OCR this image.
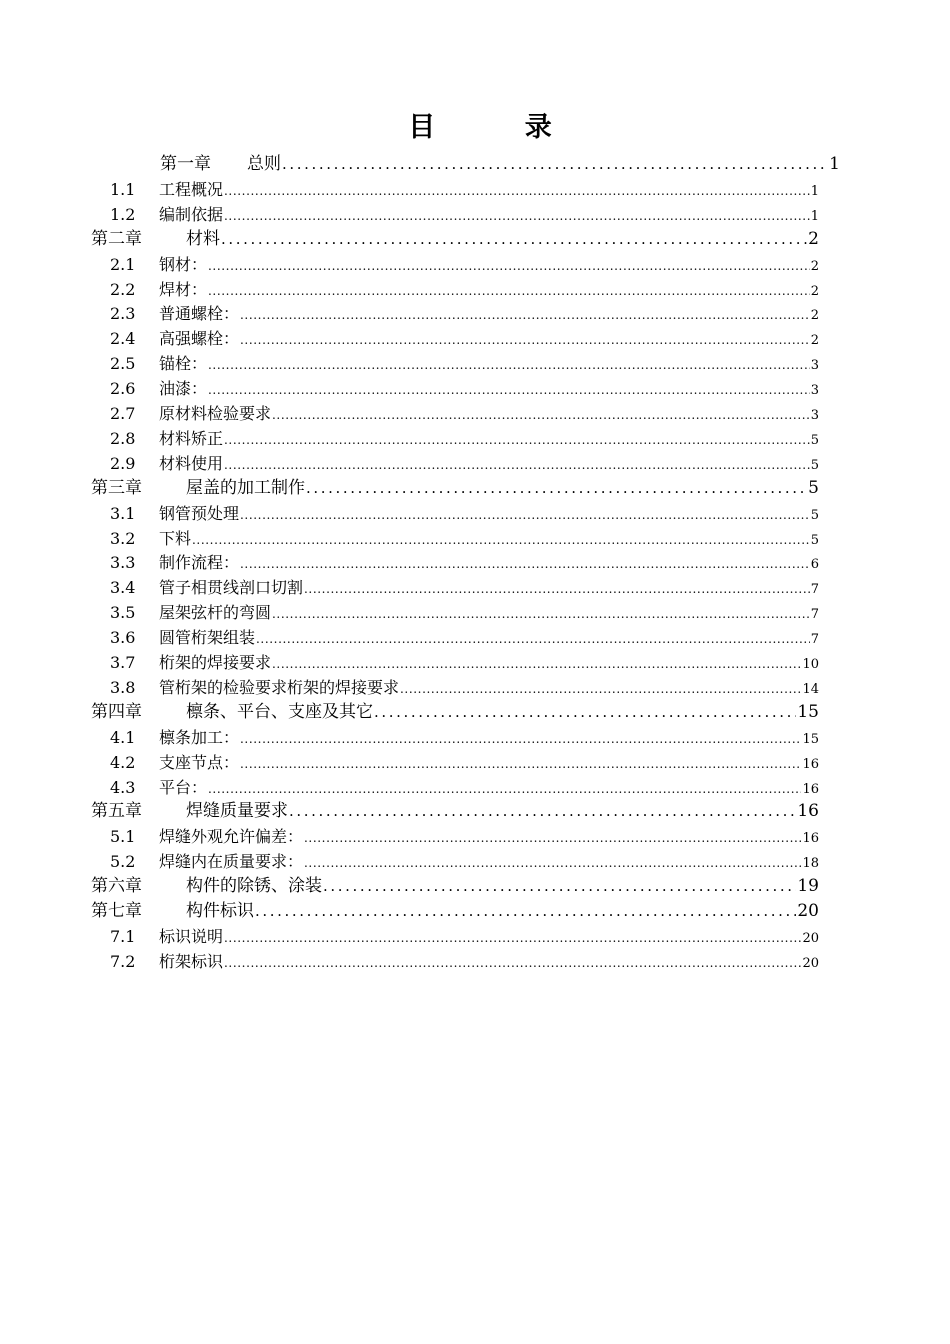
目 录
第一章	总则 .....	1
1.1	工程概况 .....	1
1.2	编制依据 .....	1
第二章	材料 .....	2
2.1	钢材： .....	2
2.2	焊材： .....	2
2.3	普通螺栓： .....	2
2.4	高强螺栓： .....	2
2.5	锚栓： .....	3
2.6	油漆： .....	3
2.7	原材料检验要求 .....	3
2.8	材料矫正 .....	5
2.9	材料使用 .....	5
第三章	屋盖的加工制作 .....	5
3.1	钢管预处理 .....	5
3.2	下料 .....	5
3.3	制作流程： .....	6
3.4	管子相贯线剖口切割 .....	7
3.5	屋架弦杆的弯圆 .....	7
3.6	圆管桁架组装 .....	7
3.7	桁架的焊接要求 .....	10
3.8	管桁架的检验要求桁架的焊接要求 .....	14
第四章	檩条、平台、支座及其它 .....	15
4.1	檩条加工： .....	15
4.2	支座节点： .....	16
4.3	平台： .....	16
第五章	焊缝质量要求 .....	16
5.1	焊缝外观允许偏差： .....	16
5.2	焊缝内在质量要求： .....	18
第六章	构件的除锈、涂装 .....	19
第七章	构件标识 .....	20
7.1	标识说明 .....	20
7.2	桁架标识 .....	20
